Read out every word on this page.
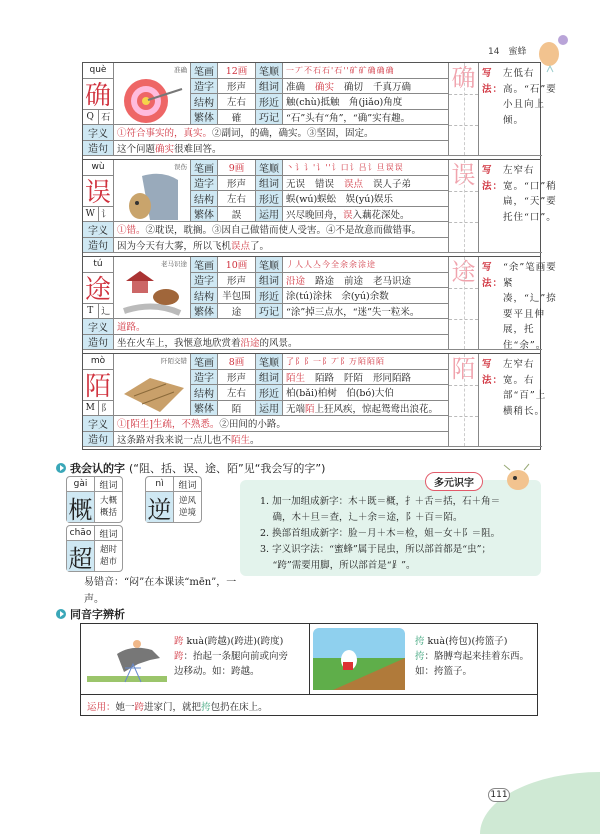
14　蜜蜂
què
确
Q 石
准确 笔画	12画	笔顺 一丆不石石'石''矿矿确确确
造字	形声	组词 准确 确实 确切 千真万确
结构	左右	形近 触(chù)抵触　角(jiǎo)角度
繁体	確	巧记 “石”头有“角”，“确”实有趣。
字义 ①符合事实的，真实。 ②副词，的确，确实。③坚固，固定。
造句 这个问题 确实 很难回答。
确 写法：
左低右高。“石”要小且向上倾。
wù
误
W 讠
误伤 笔画	9画	笔顺 丶讠讠'讠''讠口讠吕讠旦误误
造字	形声	组词 无误 错误 误点 误人子弟
结构	左右	形近 蜈(wú)蜈蚣　娱(yú)娱乐
繁体	誤	运用 兴尽晚回舟， 误 入藕花深处。
字义 ①错。 ②耽误，耽搁。③因自己做错而使人受害。④不是故意而做错事。
造句 因为今天有大雾，所以飞机 误点 了。
误 写法：
左窄右宽。“口”稍扁，“天”要托住“口”。
tú
途
T 辶
老马识途 笔画	10画	笔顺 丿人人亼今全余余涂途
造字	形声	组词 沿途 路途 前途 老马识途
结构 半包围 形近 涂(tú)涂抹　余(yú)余数
繁体	途	巧记 “涂”掉三点水，“迷”失一粒米。
字义 道路。
造句 坐在火车上，我惬意地欣赏着 沿途 的风景。
途 写法：
“余”笔画要紧凑，“辶”捺要平且伸展，托住“余”。
mò
陌
M 阝
阡陌交错 笔画	8画	笔顺 了阝阝一阝丆阝万陌陌陌
造字	形声	组词 陌生 陌路 阡陌 形同陌路
结构	左右	形近 柏(bǎi)柏树　伯(bó)大伯
繁体	陌	运用 无端 陌 上狂风疾，惊起鸳鸯出浪花。
字义 ①[陌生]生疏，不熟悉。 ②田间的小路。
造句 这条路对我来说一点儿也不 陌生 。
陌 写法：
左窄右宽。右部“百”上横稍长。
我会认的字 (“阻、括、误、途、陌”见“我会写的字”)
gài	组词
概 大概
概括
nì	组词
逆 逆风
逆境
chāo 组词
超 超时
超市
易错音：“闷”在本课读“mēn”，一声。
1. 加一加组成新字：木＋既＝概，扌＋舌＝括，石＋角＝
　 确，木＋旦＝查，辶＋余＝途，阝＋百＝陌。
2. 换部首组成新字：脸－月＋木＝检，姐－女＋阝＝阻。
3. 字义识字法：“蜜蜂”属于昆虫，所以部首都是“虫”；
　 “跨”需要用脚，所以部首是“⻊”。
多元识字
同音字辨析
跨 kuà(跨越)(跨进)(跨度)
跨：抬起一条腿向前或向旁
边移动。如：跨越。
挎 kuà(挎包)(挎篮子)
挎：胳膊弯起来挂着东西。
如：挎篮子。
运用：她一跨进家门，就把挎包扔在床上。
111
